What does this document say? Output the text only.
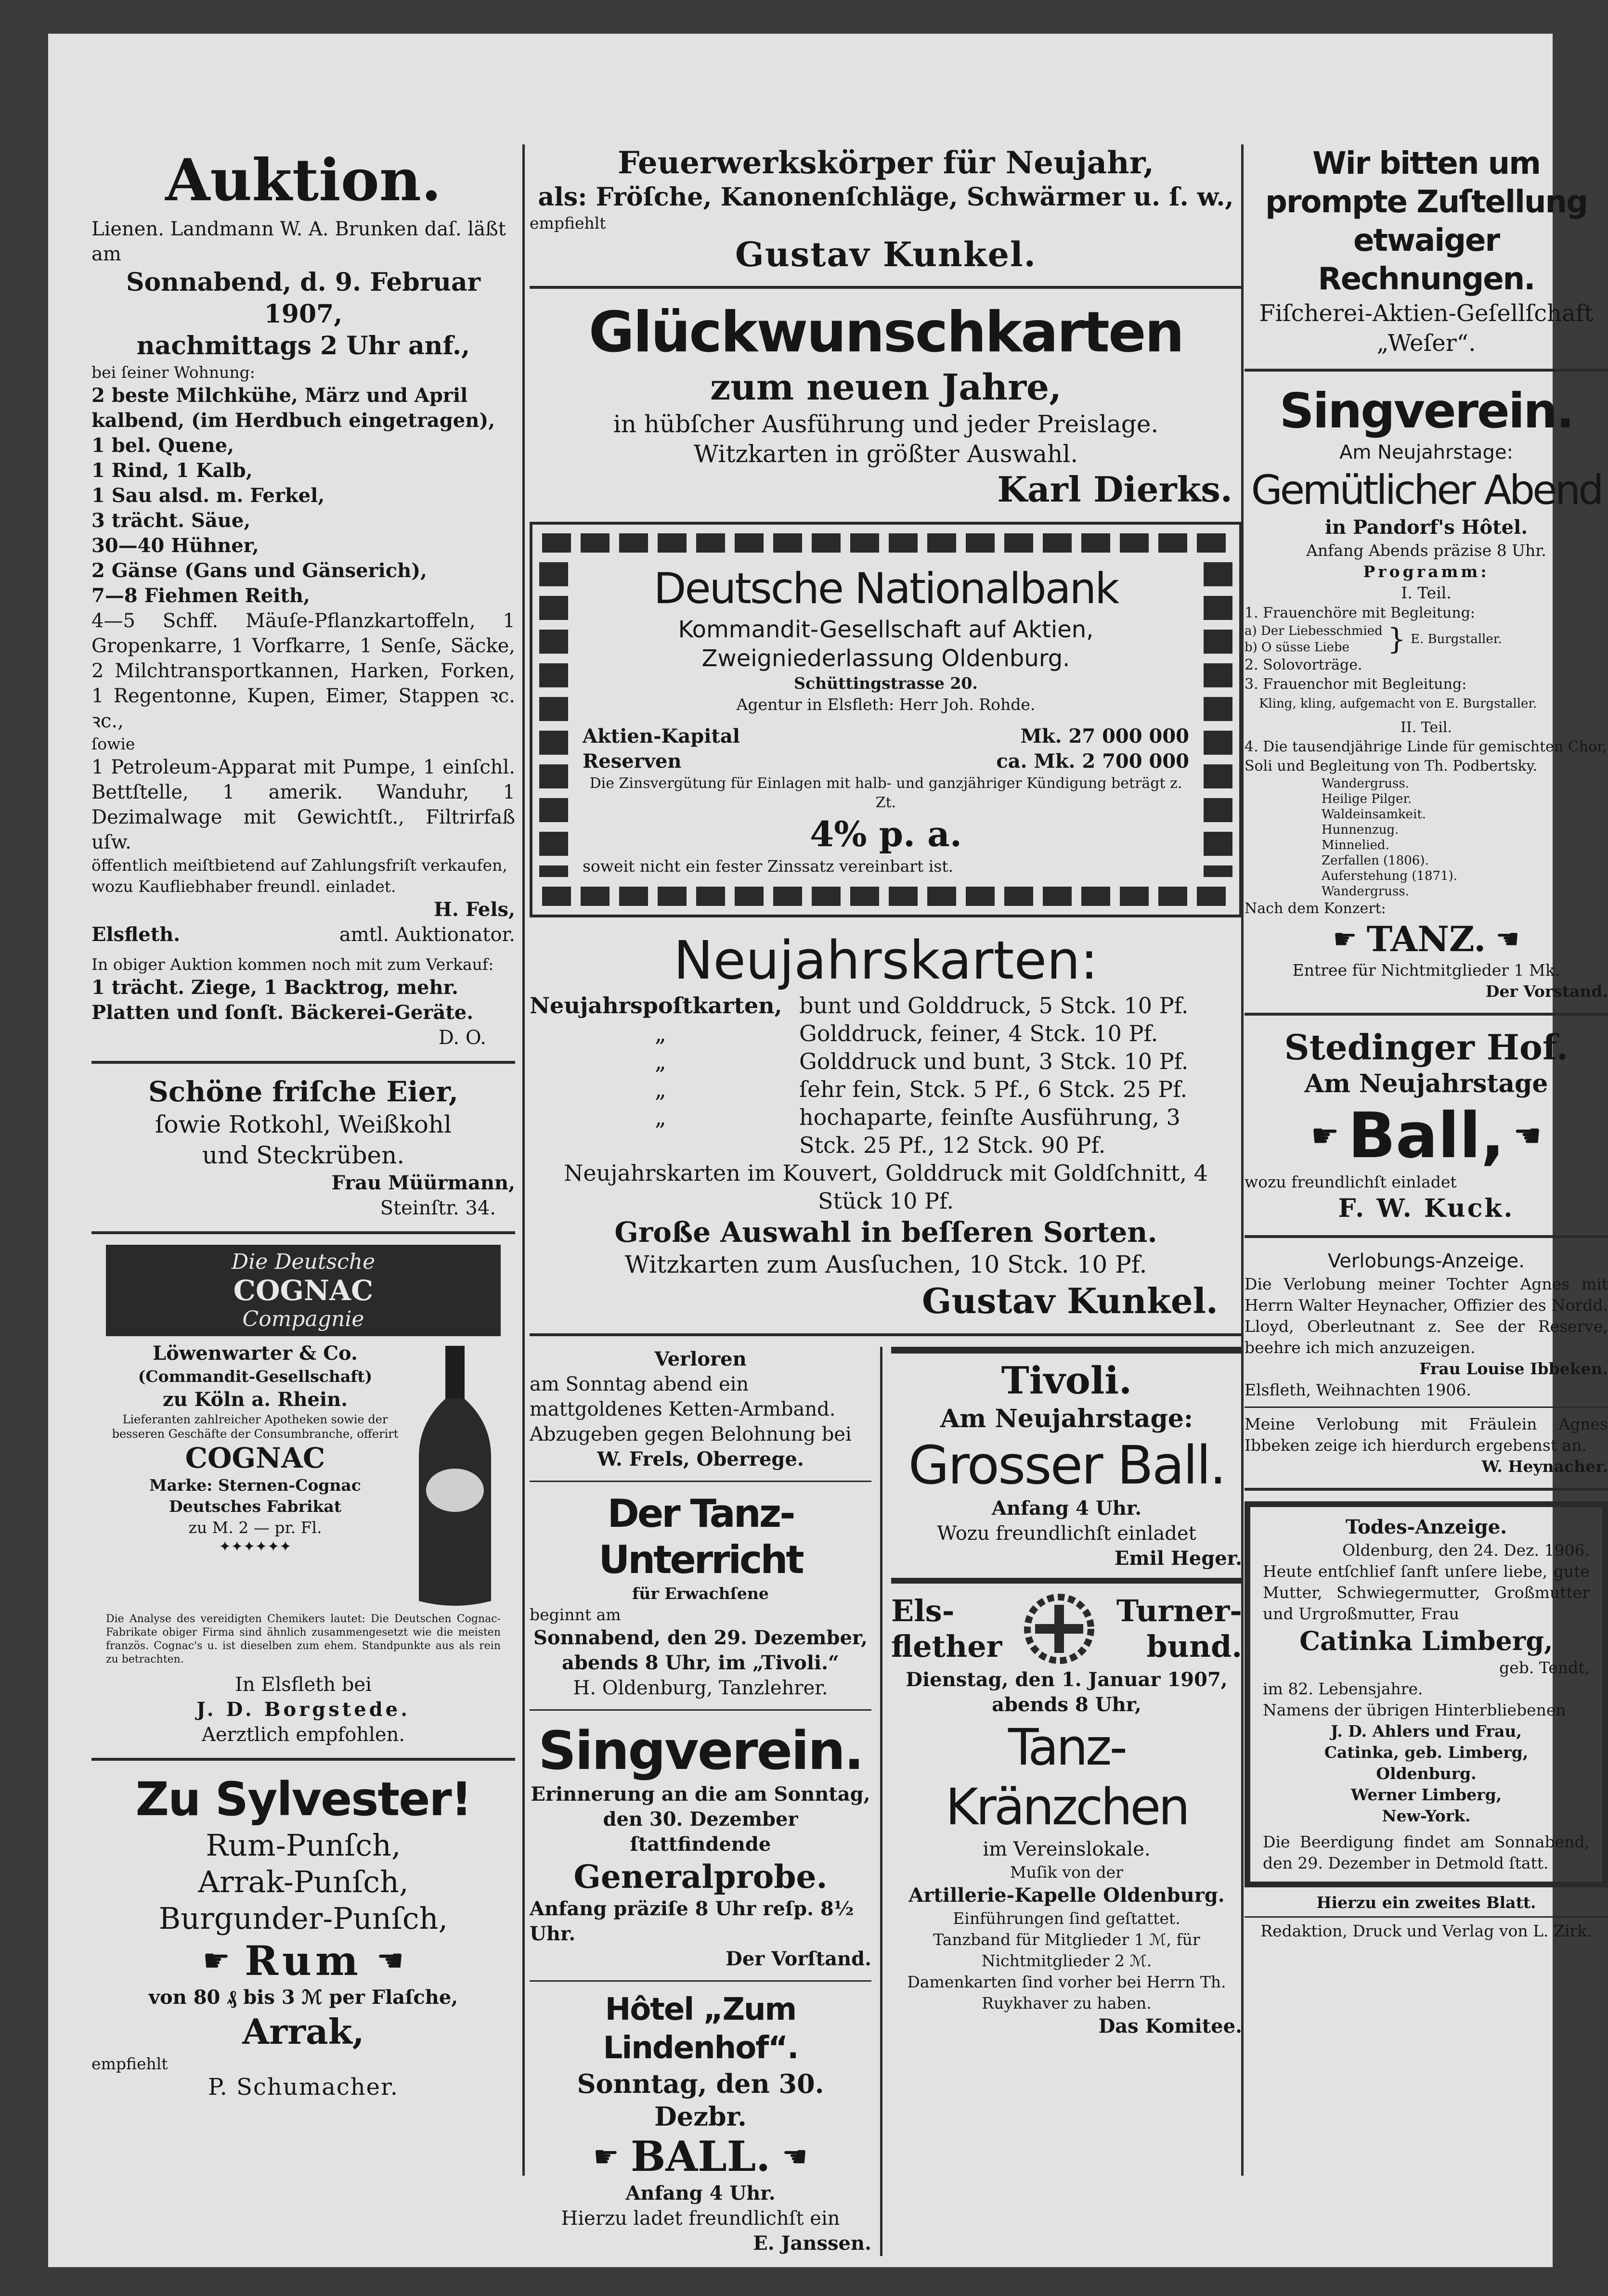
Auktion.
Lienen. Landmann W. A. Brunken daſ. läßt am
Sonnabend, d. 9. Februar 1907,
nachmittags 2 Uhr anf.,
bei ſeiner Wohnung:
2 beste Milchkühe, März und April kalbend, (im Herdbuch eingetragen),
1 bel. Quene,
1 Rind, 1 Kalb,
1 Sau alsd. m. Ferkel,
3 trächt. Säue,
30—40 Hühner,
2 Gänse (Gans und Gänserich),
7—8 Fiehmen Reith,
4—5 Schff. Mäuſe-Pflanzkartoffeln, 1 Gropenkarre, 1 Vorfkarre, 1 Senſe, Säcke, 2 Milchtransportkannen, Harken, Forken, 1 Regentonne, Kupen, Eimer, Stappen ꝛc. ꝛc.,
ſowie
1 Petroleum-Apparat mit Pumpe, 1 einſchl. Bettſtelle, 1 amerik. Wanduhr, 1 Dezimalwage mit Gewichtſt., Filtrirfaß uſw.
öffentlich meiſtbietend auf Zahlungsfriſt verkaufen, wozu Kaufliebhaber freundl. einladet.
H. Fels,
Elsfleth.	amtl. Auktionator.
In obiger Auktion kommen noch mit zum Verkauf:
1 trächt. Ziege, 1 Backtrog, mehr. Platten und ſonſt. Bäckerei-Geräte.
D. O.
Schöne friſche Eier,
ſowie Rotkohl, Weißkohl
und Steckrüben.
Frau Müürmann,
Steinſtr. 34.
Die Deutsche
COGNAC
Compagnie
Löwenwarter & Co.
(Commandit-Gesellschaft)
zu Köln a. Rhein.
Lieferanten zahlreicher Apotheken sowie der besseren Geschäfte der Consumbranche, offerirt
COGNAC
Marke: Sternen-Cognac
Deutsches Fabrikat
zu M. 2 — pr. Fl.
✦✦✦✦✦✦
Die Analyse des vereidigten Chemikers lautet: Die Deutschen Cognac-Fabrikate obiger Firma sind ähnlich zusammengesetzt wie die meisten französ. Cognac's u. ist dieselben zum ehem. Standpunkte aus als rein zu betrachten.
In Elsfleth bei
J. D. Borgstede.
Aerztlich empfohlen.
Zu Sylvester!
Rum-Punſch,
Arrak-Punſch,
Burgunder-Punſch,
☛ Rum ☚
von 80 ₰ bis 3 ℳ per Flaſche,
Arrak,
empfiehlt
P. Schumacher.
Feuerwerkskörper für Neujahr,
als: Fröſche, Kanonenſchläge, Schwärmer u. ſ. w.,
empfiehlt
Gustav Kunkel.
Glückwunschkarten
zum neuen Jahre,
in hübſcher Ausführung und jeder Preislage.
Witzkarten in größter Auswahl.
Karl Dierks.
Deutsche Nationalbank
Kommandit-Gesellschaft auf Aktien,
Zweigniederlassung Oldenburg.
Schüttingstrasse 20.
Agentur in Elsfleth: Herr Joh. Rohde.
Aktien-Kapital	Mk. 27 000 000
Reserven	ca. Mk. 2 700 000
Die Zinsvergütung für Einlagen mit halb- und ganzjähriger Kündigung beträgt z. Zt.
4% p. a.
soweit nicht ein fester Zinssatz vereinbart ist.
Neujahrskarten:
Neujahrspoſtkarten, bunt und Golddruck, 5 Stck. 10 Pf.
„	Golddruck, feiner, 4 Stck. 10 Pf.
„	Golddruck und bunt, 3 Stck. 10 Pf.
„	ſehr fein, Stck. 5 Pf., 6 Stck. 25 Pf.
„	hochaparte, feinſte Ausführung, 3 Stck. 25 Pf., 12 Stck. 90 Pf.
Neujahrskarten im Kouvert, Golddruck mit Goldſchnitt, 4 Stück 10 Pf.
Große Auswahl in beſſeren Sorten.
Witzkarten zum Ausſuchen, 10 Stck. 10 Pf.
Gustav Kunkel.
Verloren
am Sonntag abend ein mattgoldenes Ketten-Armband. Abzugeben gegen Belohnung bei
W. Frels, Oberrege.
Der Tanz-Unterricht
für Erwachſene
beginnt am
Sonnabend, den 29. Dezember, abends 8 Uhr, im „Tivoli.“
H. Oldenburg, Tanzlehrer.
Singverein.
Erinnerung an die am Sonntag, den 30. Dezember ſtattfindende
Generalprobe.
Anfang präziſe 8 Uhr reſp. 8½ Uhr.
Der Vorſtand.
Hôtel „Zum Lindenhof“.
Sonntag, den 30. Dezbr.
☛ BALL. ☚
Anfang 4 Uhr.
Hierzu ladet freundlichſt ein
E. Janssen.
Tivoli.
Am Neujahrstage:
Grosser Ball.
Anfang 4 Uhr.
Wozu freundlichſt einladet
Emil Heger.
Els-
flether
Turner-
bund.
Dienstag, den 1. Januar 1907, abends 8 Uhr,
Tanz-Kränzchen
im Vereinslokale.
Muſik von der
Artillerie-Kapelle Oldenburg.
Einführungen ſind geſtattet.
Tanzband für Mitglieder 1 ℳ, für Nichtmitglieder 2 ℳ.
Damenkarten ſind vorher bei Herrn Th. Ruykhaver zu haben.
Das Komitee.
Wir bitten um prompte Zuſtellung etwaiger Rechnungen.
Fiſcherei-Aktien-Geſellſchaft „Weſer“.
Singverein.
Am Neujahrstage:
Gemütlicher Abend
in Pandorf's Hôtel.
Anfang Abends präzise 8 Uhr.
Programm:
I. Teil.
1. Frauenchöre mit Begleitung:
a) Der Liebesschmied
b) O süsse Liebe	} E. Burgstaller.
2. Solovorträge.
3. Frauenchor mit Begleitung:
Kling, kling, aufgemacht von E. Burgstaller.
II. Teil.
4. Die tausendjährige Linde für gemischten Chor, Soli und Begleitung von Th. Podbertsky.
Wandergruss.
Heilige Pilger.
Waldeinsamkeit.
Hunnenzug.
Minnelied.
Zerfallen (1806).
Auferstehung (1871).
Wandergruss.
Nach dem Konzert:
☛ TANZ. ☚
Entree für Nichtmitglieder 1 Mk.
Der Vorstand.
Stedinger Hof.
Am Neujahrstage
☛ Ball, ☚
wozu freundlichſt einladet
F. W. Kuck.
Verlobungs-Anzeige.
Die Verlobung meiner Tochter Agnes mit Herrn Walter Heynacher, Offizier des Nordd. Lloyd, Oberleutnant z. See der Reserve, beehre ich mich anzuzeigen.
Frau Louise Ibbeken.
Elsfleth, Weihnachten 1906.
Meine Verlobung mit Fräulein Agnes Ibbeken zeige ich hierdurch ergebenst an.
W. Heynacher.
Todes-Anzeige.
Oldenburg, den 24. Dez. 1906.
Heute entſchlief ſanft unſere liebe, gute Mutter, Schwiegermutter, Großmutter und Urgroßmutter, Frau
Catinka Limberg,
geb. Tendt,
im 82. Lebensjahre.
Namens der übrigen Hinterbliebenen
J. D. Ahlers und Frau,
Catinka, geb. Limberg,
Oldenburg.
Werner Limberg,
New-York.
Die Beerdigung findet am Sonnabend, den 29. Dezember in Detmold ſtatt.
Hierzu ein zweites Blatt.
Redaktion, Druck und Verlag von L. Zirk.
